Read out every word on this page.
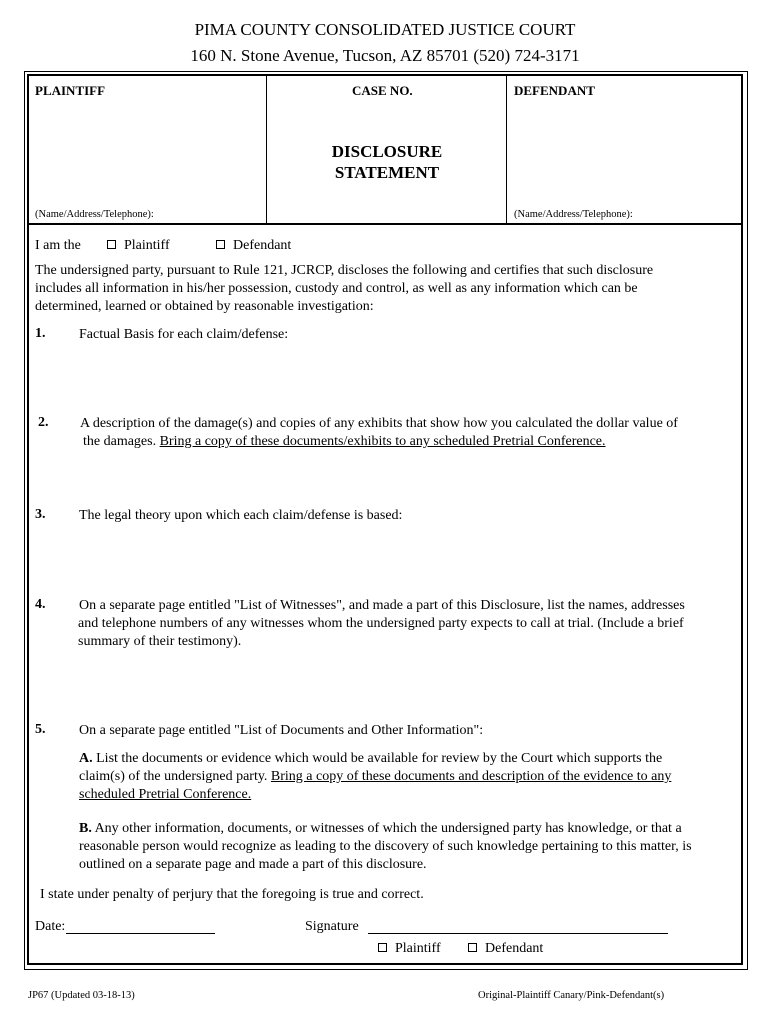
PIMA COUNTY CONSOLIDATED JUSTICE COURT
160 N. Stone Avenue, Tucson, AZ 85701 (520) 724-3171
PLAINTIFF	CASE NO.	DEFENDANT
DISCLOSURE
STATEMENT
(Name/Address/Telephone):	(Name/Address/Telephone):
I am the	Plaintiff	Defendant
The undersigned party, pursuant to Rule 121, JCRCP, discloses the following and certifies that such disclosure
includes all information in his/her possession, custody and control, as well as any information which can be
determined, learned or obtained by reasonable investigation:
1. Factual Basis for each claim/defense:
2. A description of the damage(s) and copies of any exhibits that show how you calculated the dollar value of
the damages. Bring a copy of these documents/exhibits to any scheduled Pretrial Conference.
3. The legal theory upon which each claim/defense is based:
4. On a separate page entitled "List of Witnesses", and made a part of this Disclosure, list the names, addresses
and telephone numbers of any witnesses whom the undersigned party expects to call at trial. (Include a brief
summary of their testimony).
5. On a separate page entitled "List of Documents and Other Information":
A. List the documents or evidence which would be available for review by the Court which supports the
claim(s) of the undersigned party. Bring a copy of these documents and description of the evidence to any
scheduled Pretrial Conference.
B. Any other information, documents, or witnesses of which the undersigned party has knowledge, or that a
reasonable person would recognize as leading to the discovery of such knowledge pertaining to this matter, is
outlined on a separate page and made a part of this disclosure.
I state under penalty of perjury that the foregoing is true and correct.
Date:	Signature
Plaintiff	Defendant
JP67 (Updated 03-18-13)	Original-Plaintiff Canary/Pink-Defendant(s)
